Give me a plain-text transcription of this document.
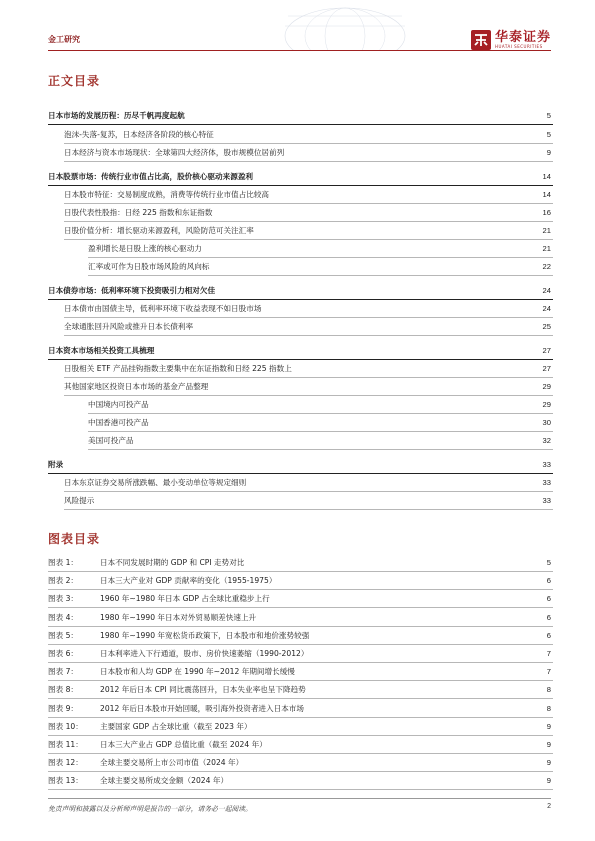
金工研究	华泰证券
HUATAI SECURITIES
正文目录
图表目录
免责声明和披露以及分析师声明是报告的一部分，请务必一起阅读。	2
日本市场的发展历程：历尽千帆再度起航	5
泡沫-失落-复苏，日本经济各阶段的核心特征	5
日本经济与资本市场现状：全球第四大经济体，股市规模位居前列	9
日本股票市场：传统行业市值占比高，股价核心驱动来源盈利	14
日本股市特征：交易制度成熟，消费等传统行业市值占比较高	14
日股代表性股指：日经 225 指数和东证指数	16
日股价值分析：增长驱动来源盈利，风险防范可关注汇率	21
盈利增长是日股上涨的核心驱动力	21
汇率或可作为日股市场风险的风向标	22
日本债券市场：低利率环境下投资吸引力相对欠佳	24
日本债市由国债主导，低利率环境下收益表现不如日股市场	24
全球通胀回升风险或推升日本长债利率	25
日本资本市场相关投资工具梳理	27
日股相关 ETF 产品挂钩指数主要集中在东证指数和日经 225 指数上	27
其他国家地区投资日本市场的基金产品整理	29
中国境内可投产品	29
中国香港可投产品	30
美国可投产品	32
附录	33
日本东京证券交易所涨跌幅、最小变动单位等规定细则	33
风险提示	33
图表 1：	日本不同发展时期的 GDP 和 CPI 走势对比	5
图表 2：	日本三大产业对 GDP 贡献率的变化（1955-1975）	6
图表 3：	1960 年~1980 年日本 GDP 占全球比重稳步上行	6
图表 4：	1980 年~1990 年日本对外贸易顺差快速上升	6
图表 5：	1980 年~1990 年宽松货币政策下，日本股市和地价涨势较强	6
图表 6：	日本利率进入下行通道，股市、房价快速萎缩（1990-2012）	7
图表 7：	日本股市和人均 GDP 在 1990 年~2012 年期间增长缓慢	7
图表 8：	2012 年后日本 CPI 同比震荡回升，日本失业率也呈下降趋势	8
图表 9：	2012 年后日本股市开始回暖，吸引海外投资者进入日本市场	8
图表 10： 主要国家 GDP 占全球比重（截至 2023 年）	9
图表 11： 日本三大产业占 GDP 总值比重（截至 2024 年）	9
图表 12： 全球主要交易所上市公司市值（2024 年）	9
图表 13： 全球主要交易所成交金额（2024 年）	9
